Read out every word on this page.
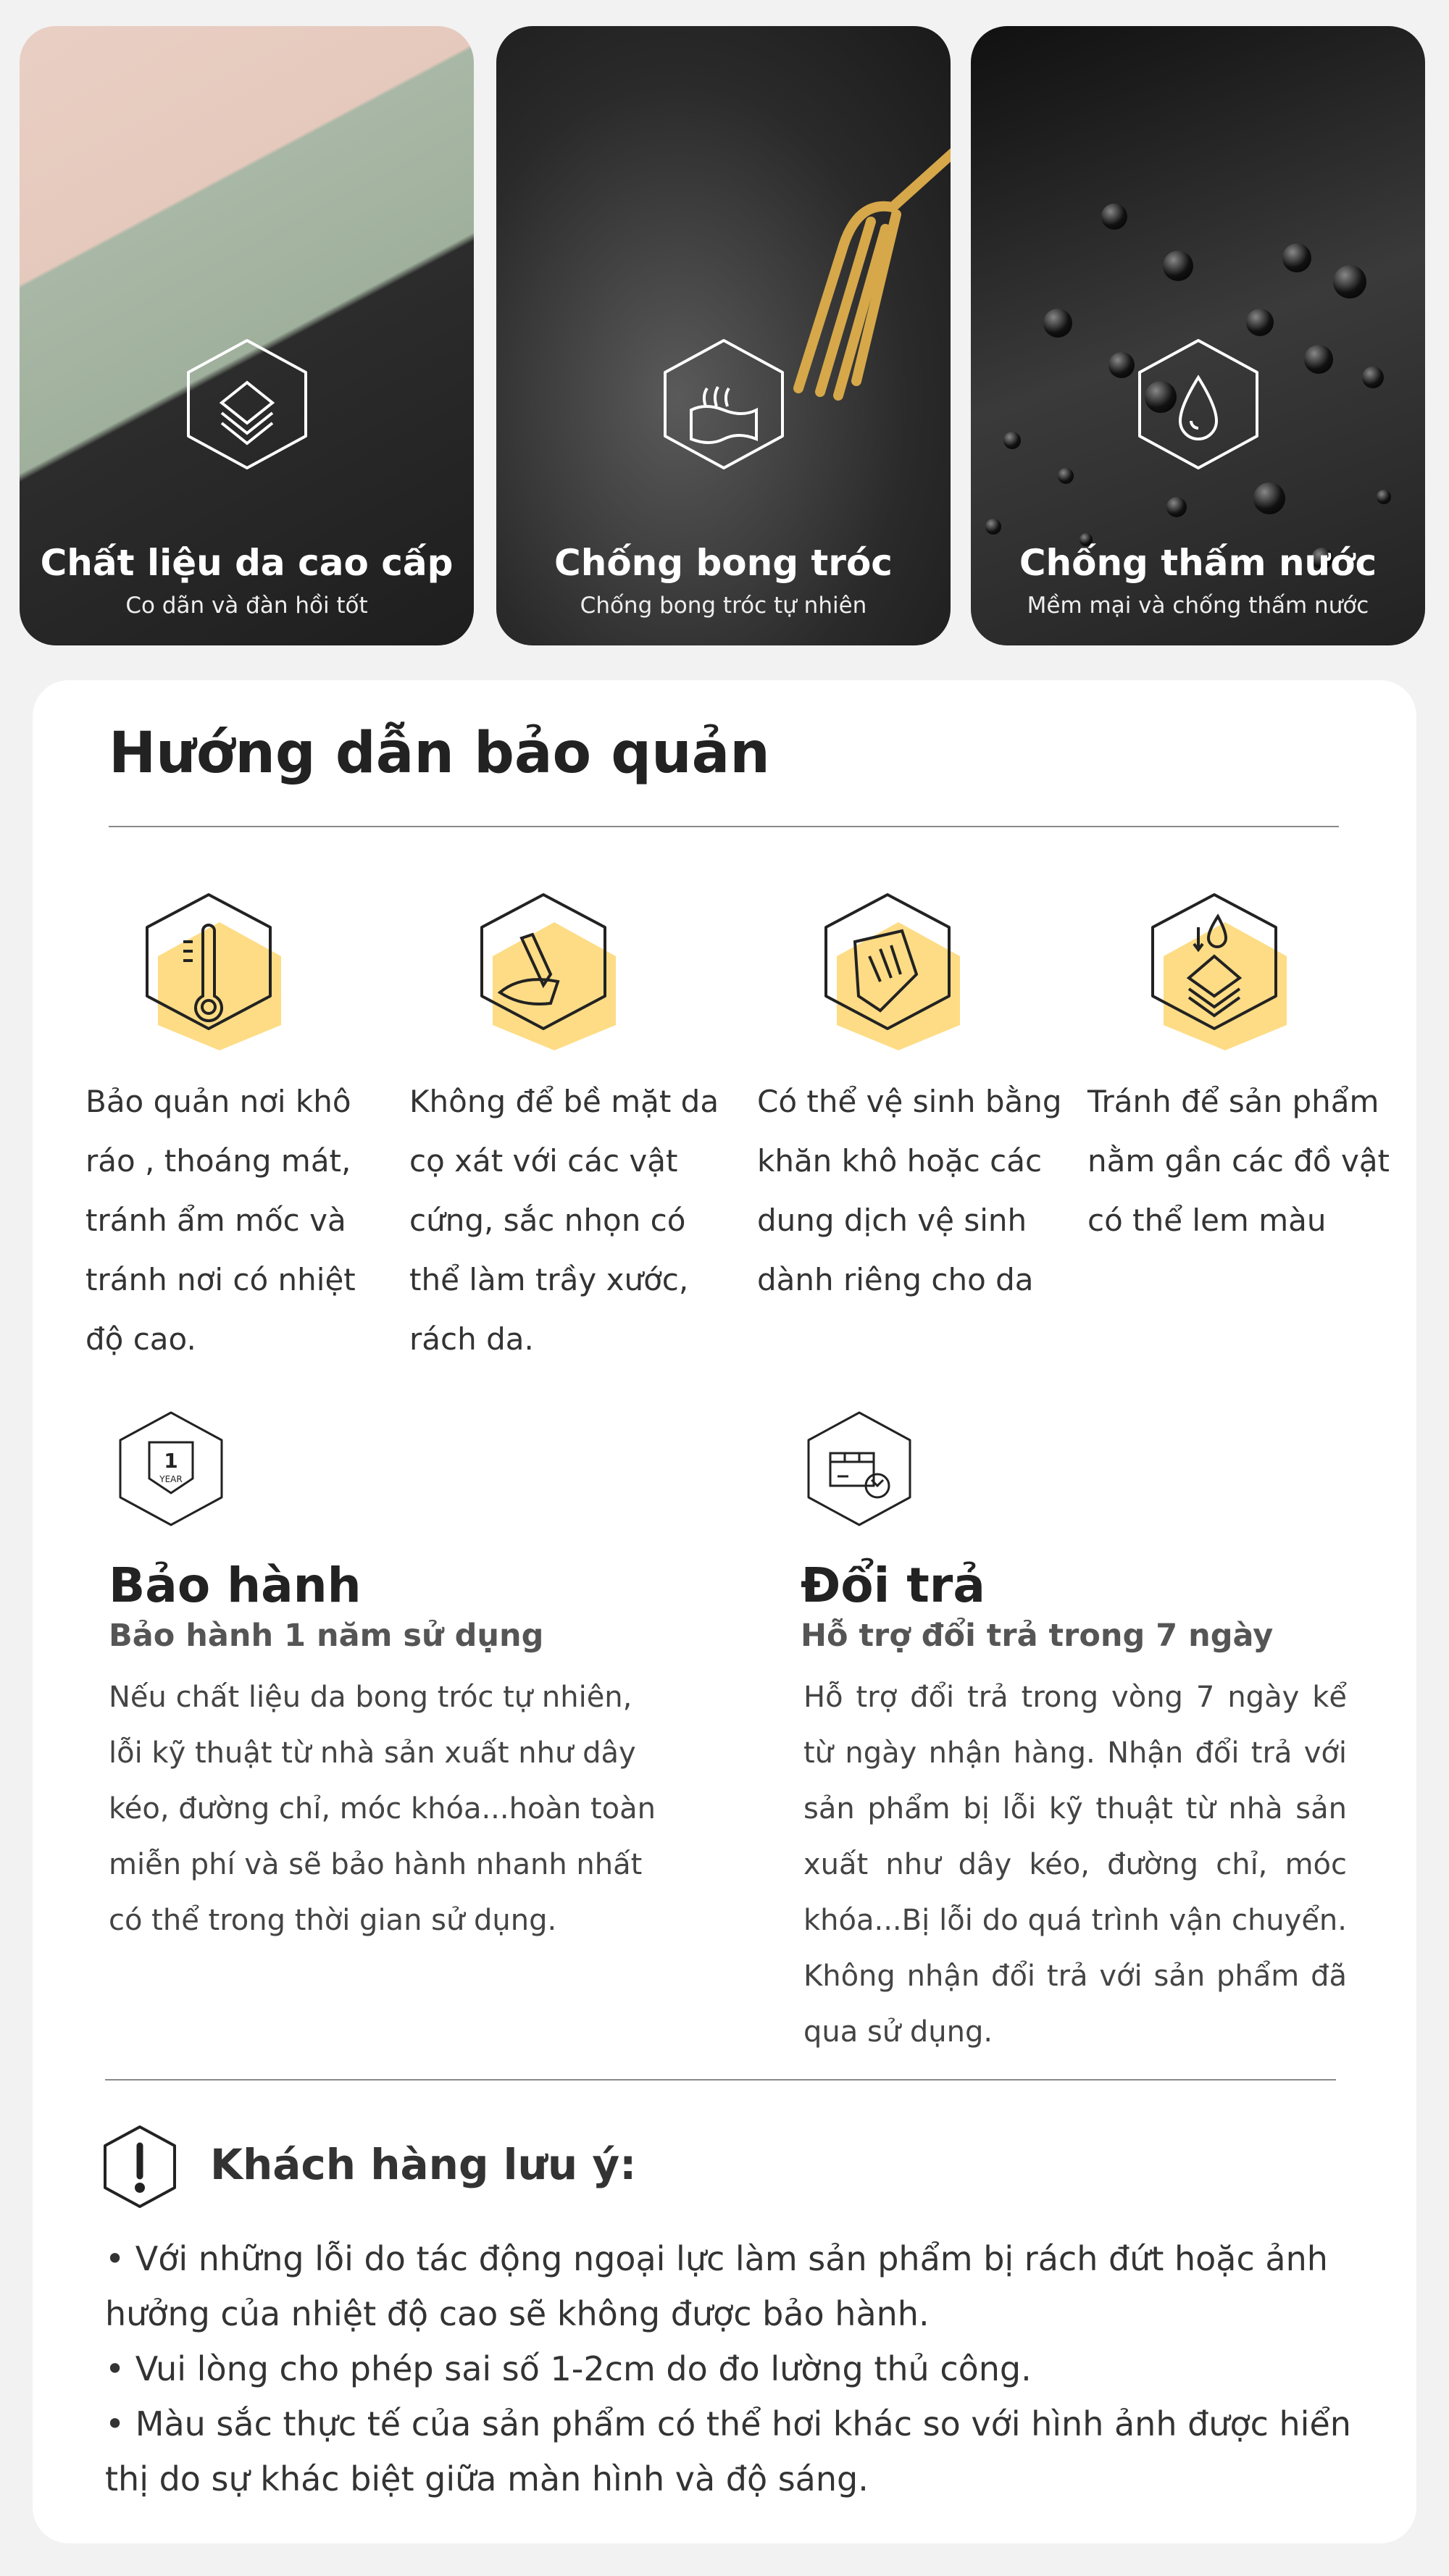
Chất liệu da cao cấp
Co dãn và đàn hồi tốt
Chống bong tróc
Chống bong tróc tự nhiên
Chống thấm nước
Mềm mại và chống thấm nước
Hướng dẫn bảo quản

Bảo quản nơi khô ráo , thoáng mát, tránh ẩm mốc và tránh nơi có nhiệt độ cao.

Không để bề mặt da cọ xát với các vật cứng, sắc nhọn có thể làm trầy xước, rách da.

Có thể vệ sinh bằng khăn khô hoặc các dung dịch vệ sinh dành riêng cho da

Tránh để sản phẩm nằm gần các đồ vật có thể lem màu

1
YEAR
Bảo hành
Bảo hành 1 năm sử dụng
Nếu chất liệu da bong tróc tự nhiên, lỗi kỹ thuật từ nhà sản xuất như dây kéo, đường chỉ, móc khóa...hoàn toàn miễn phí và sẽ bảo hành nhanh nhất có thể trong thời gian sử dụng.
Đổi trả
Hỗ trợ đổi trả trong 7 ngày
Hỗ trợ đổi trả trong vòng 7 ngày kể từ ngày nhận hàng. Nhận đổi trả với sản phẩm bị lỗi kỹ thuật từ nhà sản xuất như dây kéo, đường chỉ, móc khóa...Bị lỗi do quá trình vận chuyển. Không nhận đổi trả với sản phẩm đã qua sử dụng.
Khách hàng lưu ý:
• Với những lỗi do tác động ngoại lực làm sản phẩm bị rách đứt hoặc ảnh hưởng của nhiệt độ cao sẽ không được bảo hành.
• Vui lòng cho phép sai số 1-2cm do đo lường thủ công.
• Màu sắc thực tế của sản phẩm có thể hơi khác so với hình ảnh được hiển thị do sự khác biệt giữa màn hình và độ sáng.
